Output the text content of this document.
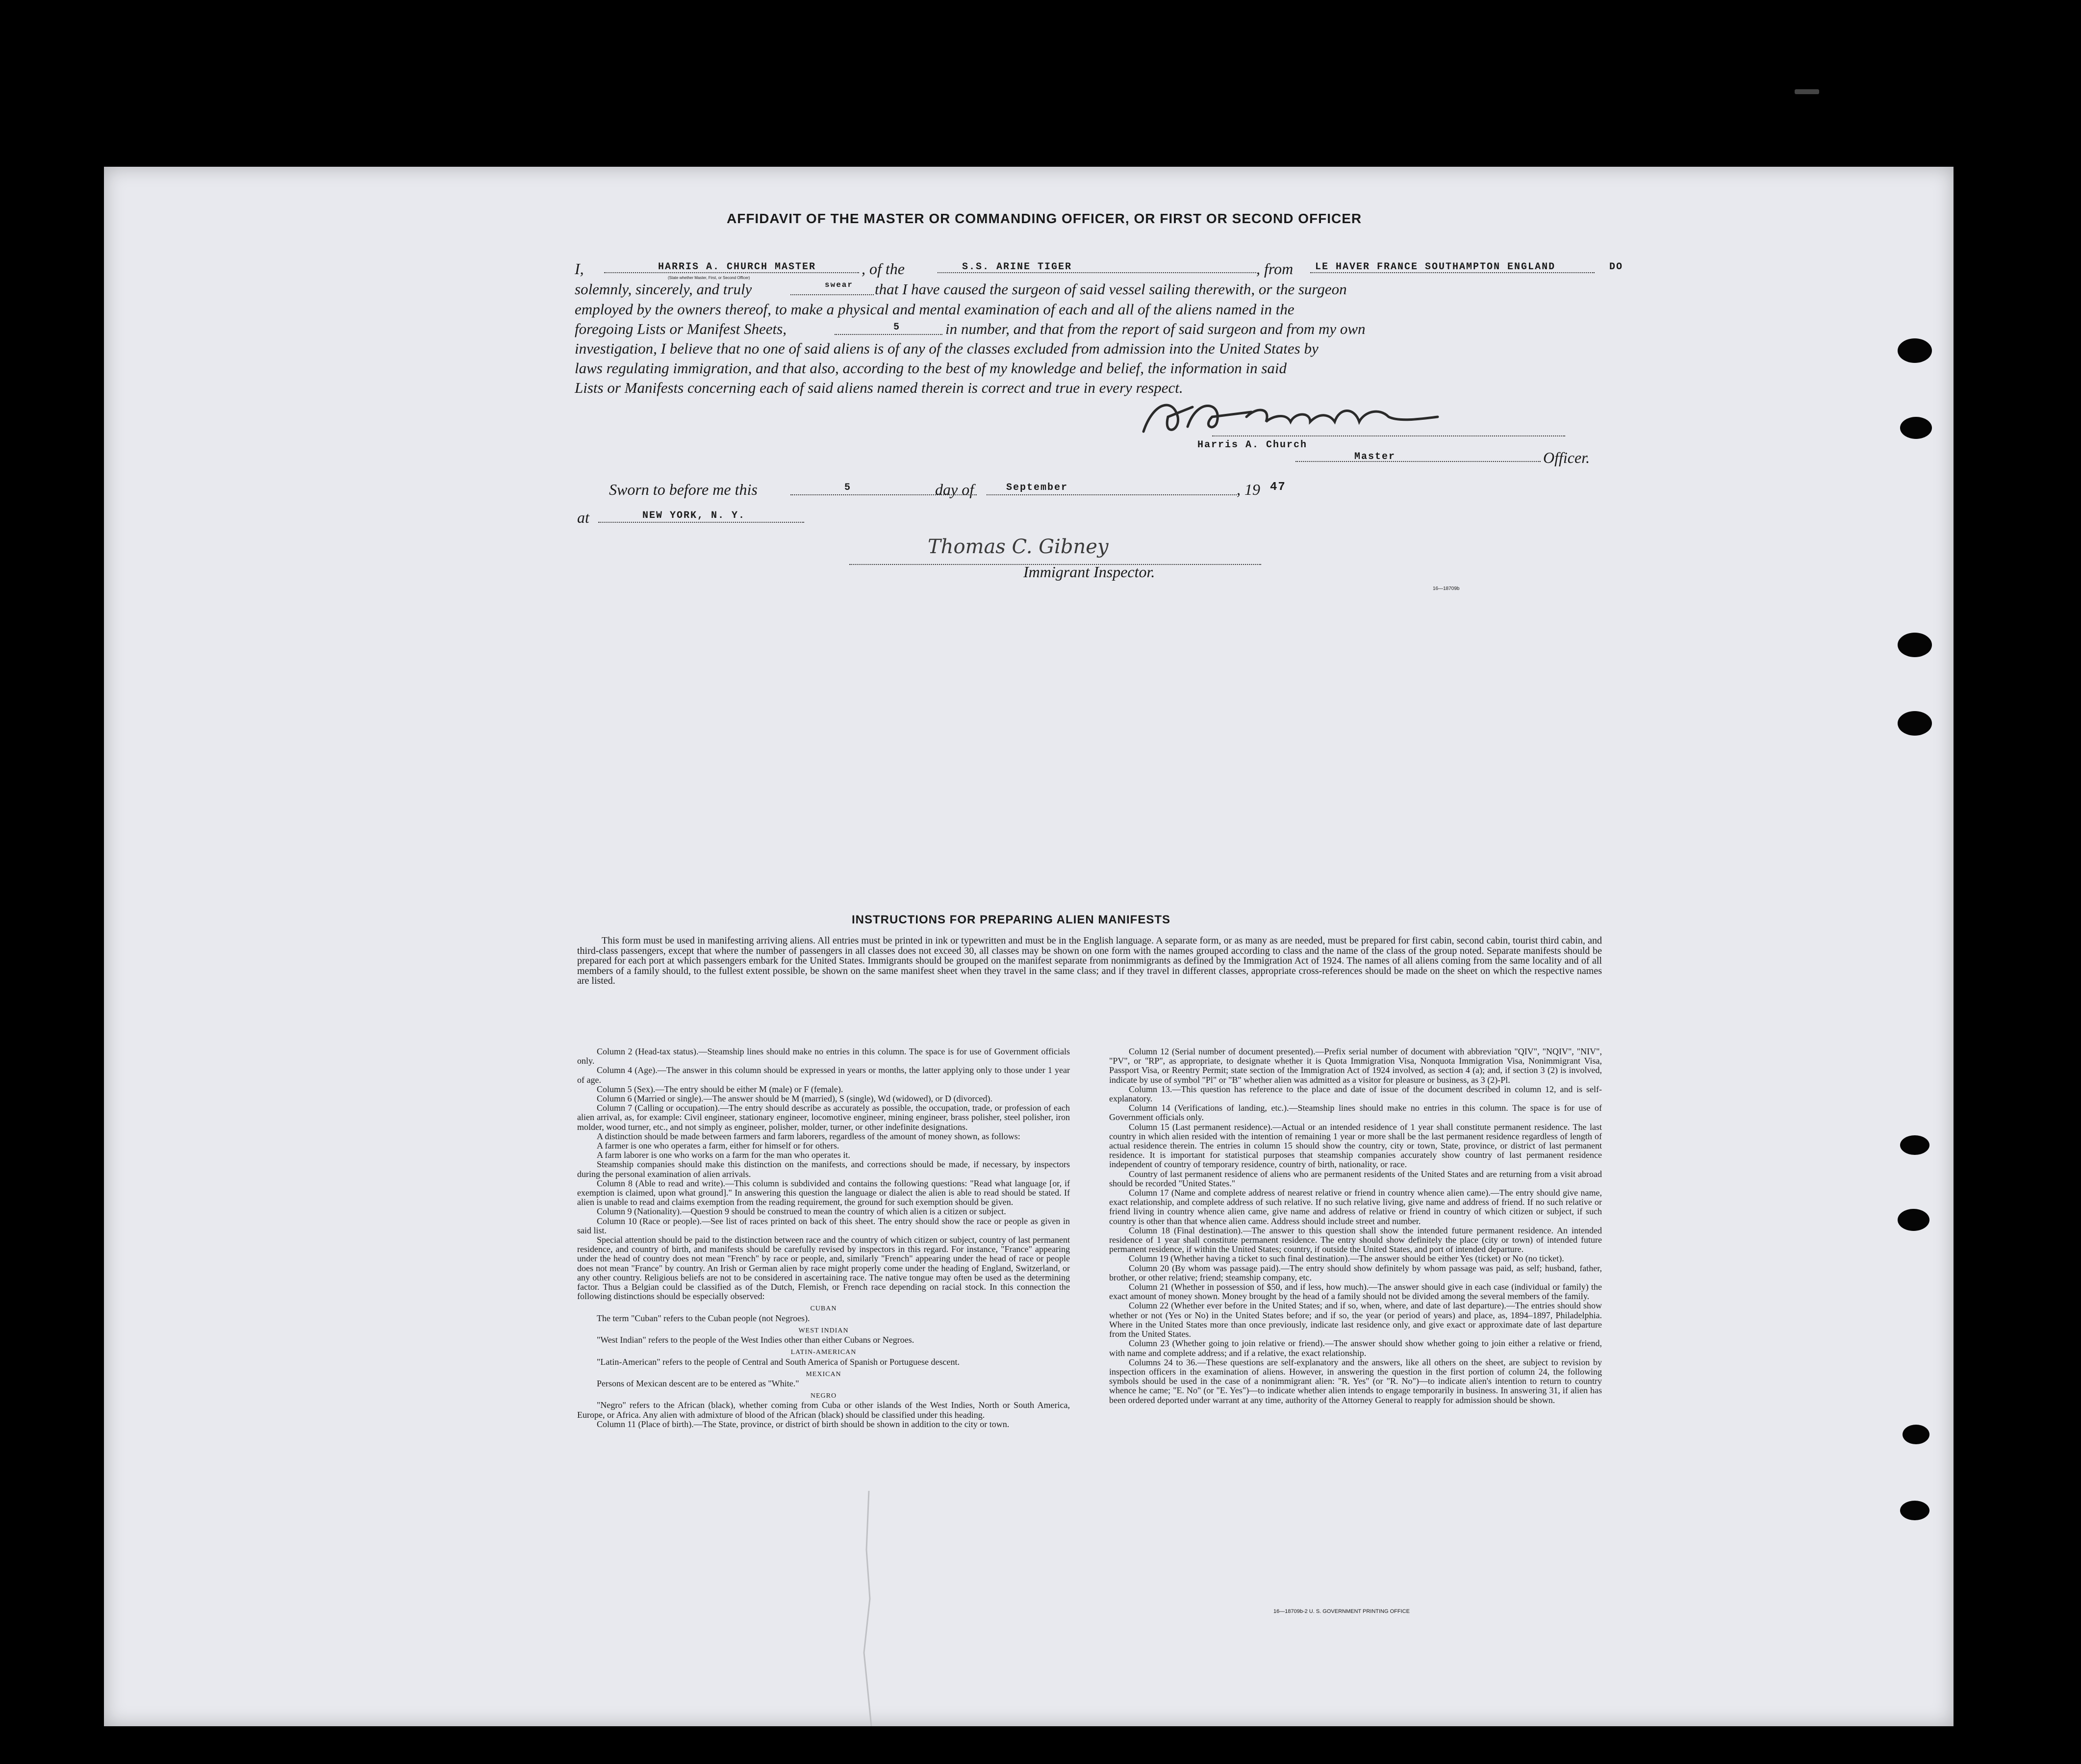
AFFIDAVIT OF THE MASTER OR COMMANDING OFFICER, OR FIRST OR SECOND OFFICER
I,	HARRIS A. CHURCH MASTER
(State whether Master, First, or Second Officer)
, of the	S.S. ARINE TIGER	, from LE HAVER FRANCE SOUTHAMPTON ENGLAND	DO
solemnly, sincerely, and truly	swear that I have caused the surgeon of said vessel sailing therewith, or the surgeon
employed by the owners thereof, to make a physical and mental examination of each and all of the aliens named in the
foregoing Lists or Manifest Sheets,	5	in number, and that from the report of said surgeon and from my own
investigation, I believe that no one of said aliens is of any of the classes excluded from admission into the United States by
laws regulating immigration, and that also, according to the best of my knowledge and belief, the information in said
Lists or Manifests concerning each of said aliens named therein is correct and true in every respect.
Harris A. Church
Master	Officer.
Sworn to before me this	5	day of	September	, 19 47
at	NEW YORK, N. Y.
Thomas C. Gibney
Immigrant Inspector.
16—18709b
INSTRUCTIONS FOR PREPARING ALIEN MANIFESTS
This form must be used in manifesting arriving aliens. All entries must be printed in ink or typewritten and must be in the English language. A separate form, or as many as are needed, must be prepared for first cabin, second cabin, tourist third cabin, and third-class passengers, except that where the number of passengers in all classes does not exceed 30, all classes may be shown on one form with the names grouped according to class and the name of the class of the group noted. Separate manifests should be prepared for each port at which passengers embark for the United States. Immigrants should be grouped on the manifest separate from nonimmigrants as defined by the Immigration Act of 1924. The names of all aliens coming from the same locality and of all members of a family should, to the fullest extent possible, be shown on the same manifest sheet when they travel in the same class; and if they travel in different classes, appropriate cross-references should be made on the sheet on which the respective names are listed.

Column 2 (Head-tax status).—Steamship lines should make no entries in this column. The space is for use of Government officials only.

Column 4 (Age).—The answer in this column should be expressed in years or months, the latter applying only to those under 1 year of age.

Column 5 (Sex).—The entry should be either M (male) or F (female).

Column 6 (Married or single).—The answer should be M (married), S (single), Wd (widowed), or D (divorced).

Column 7 (Calling or occupation).—The entry should describe as accurately as possible, the occupation, trade, or profession of each alien arrival, as, for example: Civil engineer, stationary engineer, locomotive engineer, mining engineer, brass polisher, steel polisher, iron molder, wood turner, etc., and not simply as engineer, polisher, molder, turner, or other indefinite designations.

A distinction should be made between farmers and farm laborers, regardless of the amount of money shown, as follows:

A farmer is one who operates a farm, either for himself or for others.

A farm laborer is one who works on a farm for the man who operates it.

Steamship companies should make this distinction on the manifests, and corrections should be made, if necessary, by inspectors during the personal examination of alien arrivals.

Column 8 (Able to read and write).—This column is subdivided and contains the following questions: "Read what language [or, if exemption is claimed, upon what ground]." In answering this question the language or dialect the alien is able to read should be stated. If alien is unable to read and claims exemption from the reading requirement, the ground for such exemption should be given.

Column 9 (Nationality).—Question 9 should be construed to mean the country of which alien is a citizen or subject.

Column 10 (Race or people).—See list of races printed on back of this sheet. The entry should show the race or people as given in said list.

Special attention should be paid to the distinction between race and the country of which citizen or subject, country of last permanent residence, and country of birth, and manifests should be carefully revised by inspectors in this regard. For instance, "France" appearing under the head of country does not mean "French" by race or people, and, similarly "French" appearing under the head of race or people does not mean "France" by country. An Irish or German alien by race might properly come under the heading of England, Switzerland, or any other country. Religious beliefs are not to be considered in ascertaining race. The native tongue may often be used as the determining factor. Thus a Belgian could be classified as of the Dutch, Flemish, or French race depending on racial stock. In this connection the following distinctions should be especially observed:

CUBAN

The term "Cuban" refers to the Cuban people (not Negroes).

WEST INDIAN

"West Indian" refers to the people of the West Indies other than either Cubans or Negroes.

LATIN-AMERICAN

"Latin-American" refers to the people of Central and South America of Spanish or Portuguese descent.

MEXICAN

Persons of Mexican descent are to be entered as "White."

NEGRO

"Negro" refers to the African (black), whether coming from Cuba or other islands of the West Indies, North or South America, Europe, or Africa. Any alien with admixture of blood of the African (black) should be classified under this heading.

Column 11 (Place of birth).—The State, province, or district of birth should be shown in addition to the city or town.

Column 12 (Serial number of document presented).—Prefix serial number of document with abbreviation "QIV", "NQIV", "NIV", "PV", or "RP", as appropriate, to designate whether it is Quota Immigration Visa, Nonquota Immigration Visa, Nonimmigrant Visa, Passport Visa, or Reentry Permit; state section of the Immigration Act of 1924 involved, as section 4 (a); and, if section 3 (2) is involved, indicate by use of symbol "Pl" or "B" whether alien was admitted as a visitor for pleasure or business, as 3 (2)-Pl.

Column 13.—This question has reference to the place and date of issue of the document described in column 12, and is self-explanatory.

Column 14 (Verifications of landing, etc.).—Steamship lines should make no entries in this column. The space is for use of Government officials only.

Column 15 (Last permanent residence).—Actual or an intended residence of 1 year shall constitute permanent residence. The last country in which alien resided with the intention of remaining 1 year or more shall be the last permanent residence regardless of length of actual residence therein. The entries in column 15 should show the country, city or town, State, province, or district of last permanent residence. It is important for statistical purposes that steamship companies accurately show country of last permanent residence independent of country of temporary residence, country of birth, nationality, or race.

Country of last permanent residence of aliens who are permanent residents of the United States and are returning from a visit abroad should be recorded "United States."

Column 17 (Name and complete address of nearest relative or friend in country whence alien came).—The entry should give name, exact relationship, and complete address of such relative. If no such relative living, give name and address of friend. If no such relative or friend living in country whence alien came, give name and address of relative or friend in country of which citizen or subject, if such country is other than that whence alien came. Address should include street and number.

Column 18 (Final destination).—The answer to this question shall show the intended future permanent residence. An intended residence of 1 year shall constitute permanent residence. The entry should show definitely the place (city or town) of intended future permanent residence, if within the United States; country, if outside the United States, and port of intended departure.

Column 19 (Whether having a ticket to such final destination).—The answer should be either Yes (ticket) or No (no ticket).

Column 20 (By whom was passage paid).—The entry should show definitely by whom passage was paid, as self; husband, father, brother, or other relative; friend; steamship company, etc.

Column 21 (Whether in possession of $50, and if less, how much).—The answer should give in each case (individual or family) the exact amount of money shown. Money brought by the head of a family should not be divided among the several members of the family.

Column 22 (Whether ever before in the United States; and if so, when, where, and date of last departure).—The entries should show whether or not (Yes or No) in the United States before; and if so, the year (or period of years) and place, as, 1894–1897, Philadelphia. Where in the United States more than once previously, indicate last residence only, and give exact or approximate date of last departure from the United States.

Column 23 (Whether going to join relative or friend).—The answer should show whether going to join either a relative or friend, with name and complete address; and if a relative, the exact relationship.

Columns 24 to 36.—These questions are self-explanatory and the answers, like all others on the sheet, are subject to revision by inspection officers in the examination of aliens. However, in answering the question in the first portion of column 24, the following symbols should be used in the case of a nonimmigrant alien: "R. Yes" (or "R. No")—to indicate alien's intention to return to country whence he came; "E. No" (or "E. Yes")—to indicate whether alien intends to engage temporarily in business. In answering 31, if alien has been ordered deported under warrant at any time, authority of the Attorney General to reapply for admission should be shown.

16—18709b-2 U. S. GOVERNMENT PRINTING OFFICE
